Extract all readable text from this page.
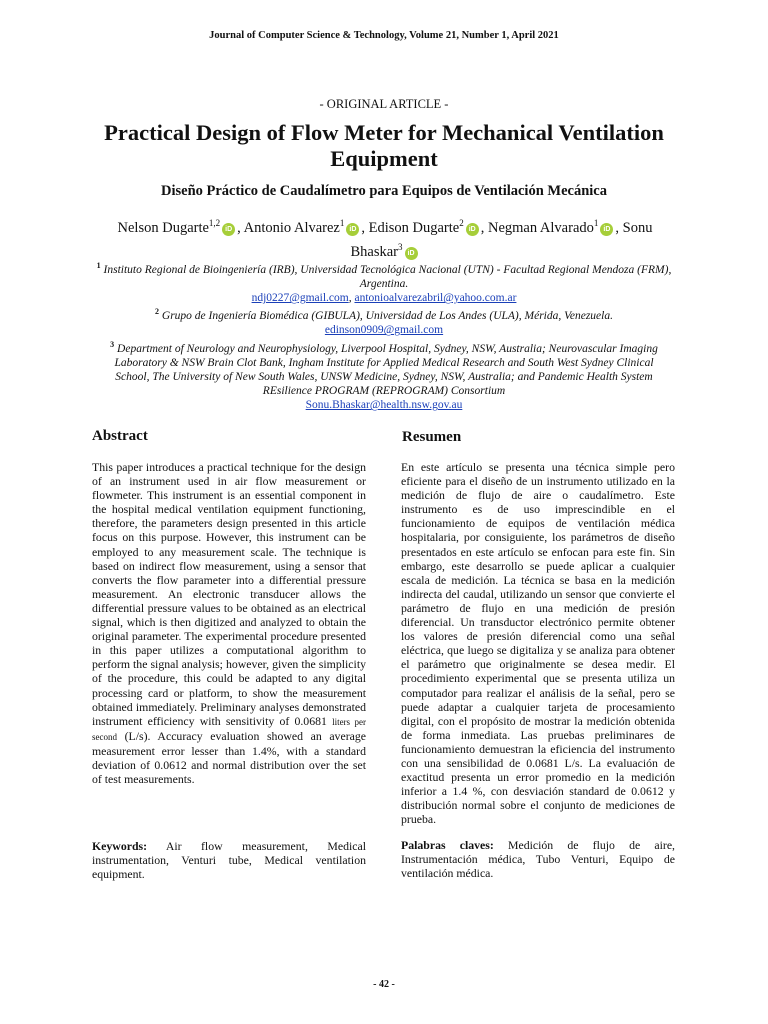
Journal of Computer Science & Technology, Volume 21, Number 1, April 2021
- ORIGINAL ARTICLE -
Practical Design of Flow Meter for Mechanical Ventilation Equipment
Diseño Práctico de Caudalímetro para Equipos de Ventilación Mecánica
Nelson Dugarte$^{1,2}$iD , Antonio Alvarez$^1$iD , Edison Dugarte$^2$iD , Negman Alvarado$^1$iD , Sonu Bhaskar$^3$iD
$^1$ Instituto Regional de Bioingeniería (IRB), Universidad Tecnológica Nacional (UTN) - Facultad Regional Mendoza (FRM), Argentina.
ndj0227@gmail.com, antonioalvarezabril@yahoo.com.ar
$^2$ Grupo de Ingeniería Biomédica (GIBULA), Universidad de Los Andes (ULA), Mérida, Venezuela.
edinson0909@gmail.com
$^3$ Department of Neurology and Neurophysiology, Liverpool Hospital, Sydney, NSW, Australia; Neurovascular Imaging Laboratory & NSW Brain Clot Bank, Ingham Institute for Applied Medical Research and South West Sydney Clinical School, The University of New South Wales, UNSW Medicine, Sydney, NSW, Australia; and Pandemic Health System REsilience PROGRAM (REPROGRAM) Consortium
Sonu.Bhaskar@health.nsw.gov.au
Abstract
This paper introduces a practical technique for the design of an instrument used in air flow measurement or flowmeter. This instrument is an essential component in the hospital medical ventilation equipment functioning, therefore, the parameters design presented in this article focus on this purpose. However, this instrument can be employed to any measurement scale. The technique is based on indirect flow measurement, using a sensor that converts the flow parameter into a differential pressure measurement. An electronic transducer allows the differential pressure values to be obtained as an electrical signal, which is then digitized and analyzed to obtain the original parameter. The experimental procedure presented in this paper utilizes a computational algorithm to perform the signal analysis; however, given the simplicity of the procedure, this could be adapted to any digital processing card or platform, to show the measurement obtained immediately. Preliminary analyses demonstrated instrument efficiency with sensitivity of 0.0681 liters per second (L/s). Accuracy evaluation showed an average measurement error lesser than 1.4%, with a standard deviation of 0.0612 and normal distribution over the set of test measurements.
Keywords: Air flow measurement, Medical instrumentation, Venturi tube, Medical ventilation equipment.
Resumen
En este artículo se presenta una técnica simple pero eficiente para el diseño de un instrumento utilizado en la medición de flujo de aire o caudalímetro. Este instrumento es de uso imprescindible en el funcionamiento de equipos de ventilación médica hospitalaria, por consiguiente, los parámetros de diseño presentados en este artículo se enfocan para este fin. Sin embargo, este desarrollo se puede aplicar a cualquier escala de medición. La técnica se basa en la medición indirecta del caudal, utilizando un sensor que convierte el parámetro de flujo en una medición de presión diferencial. Un transductor electrónico permite obtener los valores de presión diferencial como una señal eléctrica, que luego se digitaliza y se analiza para obtener el parámetro que originalmente se desea medir. El procedimiento experimental que se presenta utiliza un computador para realizar el análisis de la señal, pero se puede adaptar a cualquier tarjeta de procesamiento digital, con el propósito de mostrar la medición obtenida de forma inmediata. Las pruebas preliminares de funcionamiento demuestran la eficiencia del instrumento con una sensibilidad de 0.0681 L/s. La evaluación de exactitud presenta un error promedio en la medición inferior a 1.4 %, con desviación standard de 0.0612 y distribución normal sobre el conjunto de mediciones de prueba.
Palabras claves: Medición de flujo de aire, Instrumentación médica, Tubo Venturi, Equipo de ventilación médica.
- 42 -
